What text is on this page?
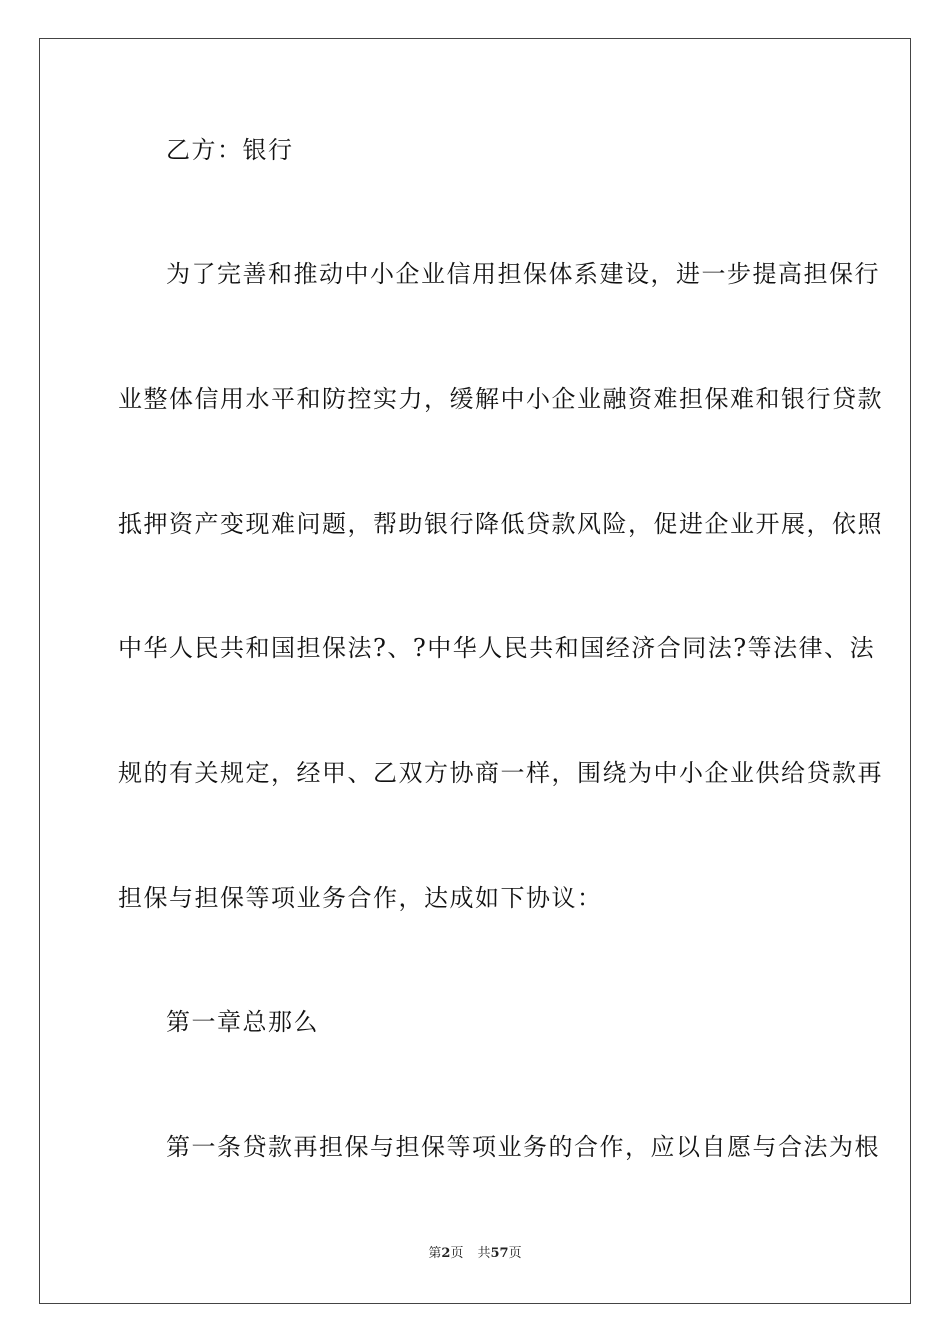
乙方：银行
为了完善和推动中小企业信用担保体系建设，进一步提高担保行
业整体信用水平和防控实力，缓解中小企业融资难担保难和银行贷款
抵押资产变现难问题，帮助银行降低贷款风险，促进企业开展，依照
中华人民共和国担保法?、?中华人民共和国经济合同法?等法律、法
规的有关规定，经甲、乙双方协商一样，围绕为中小企业供给贷款再
担保与担保等项业务合作，达成如下协议：
第一章总那么
第一条贷款再担保与担保等项业务的合作，应以自愿与合法为根
第2页 共57页
